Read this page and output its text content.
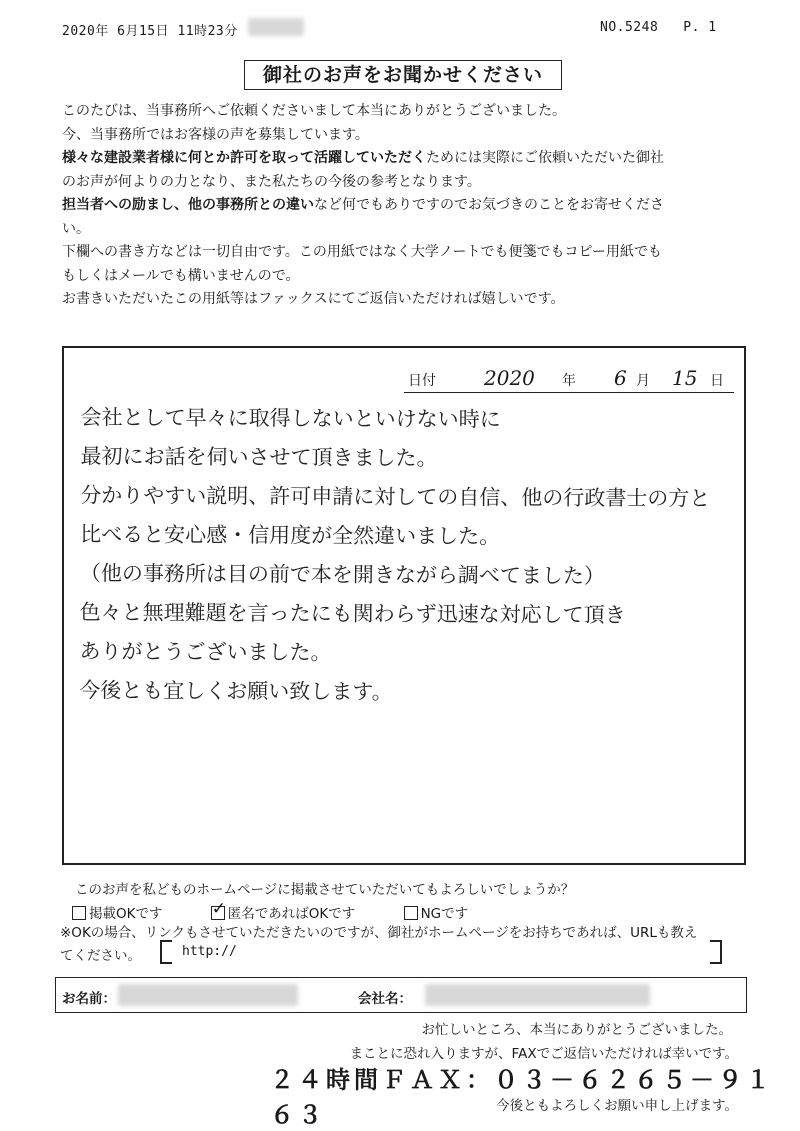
2020年 6月15日 11時23分	NO.5248 P. 1
御社のお声をお聞かせください

このたびは、当事務所へご依頼くださいまして本当にありがとうございました。

今、当事務所ではお客様の声を募集しています。

様々な建設業者様に何とか許可を取って活躍していただくためには実際にご依頼いただいた御社

のお声が何よりの力となり、また私たちの今後の参考となります。

担当者への励まし、他の事務所との違いなど何でもありですのでお気づきのことをお寄せくださ

い。

下欄への書き方などは一切自由です。この用紙ではなく大学ノートでも便箋でもコピー用紙でも

もしくはメールでも構いませんので。

お書きいただいたこの用紙等はファックスにてご返信いただければ嬉しいです。

日付 2020 年 6 月 15 日
会社として早々に取得しないといけない時に
最初にお話を伺いさせて頂きました。
分かりやすい説明、許可申請に対しての自信、他の行政書士の方と
比べると安心感・信用度が全然違いました。
（他の事務所は目の前で本を開きながら調べてました）
色々と無理難題を言ったにも関わらず迅速な対応して頂き
ありがとうございました。
今後とも宜しくお願い致します。
このお声を私どものホームページに掲載させていただいてもよろしいでしょうか？
掲載OKです	✓ 匿名であればOKです	NGです
※OKの場合、リンクもさせていただきたいのですが、御社がホームページをお持ちであれば、URLも教え
てください。	http://
お名前：	会社名：
お忙しいところ、本当にありがとうございました。
まことに恐れ入りますが、FAXでご返信いただければ幸いです。
２４時間ＦＡＸ：０３－６２６５－９１６３	今後ともよろしくお願い申し上げます。
